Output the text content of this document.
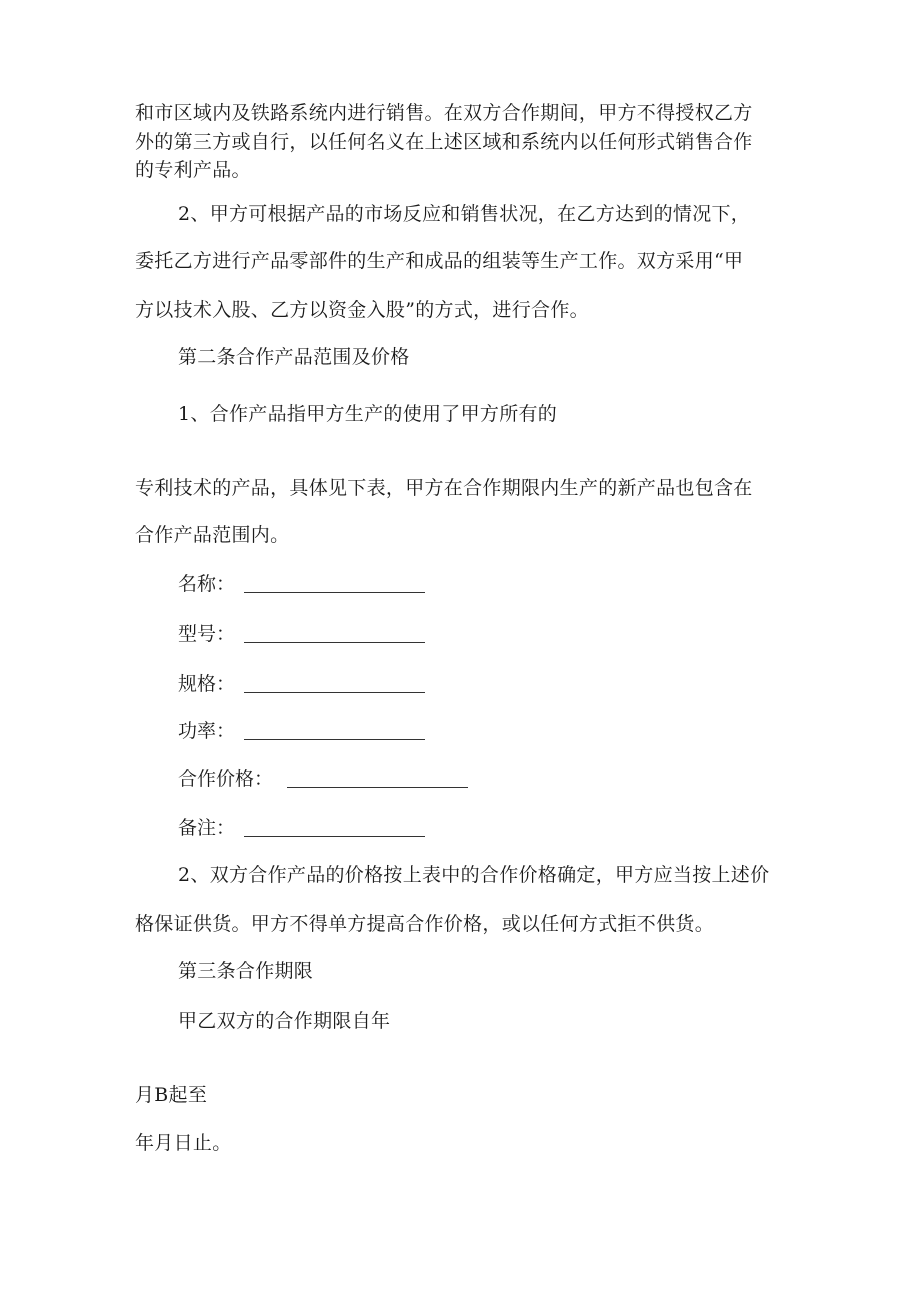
和市区域内及铁路系统内进行销售。在双方合作期间，甲方不得授权乙方
外的第三方或自行，以任何名义在上述区域和系统内以任何形式销售合作
的专利产品。
2、甲方可根据产品的市场反应和销售状况，在乙方达到的情况下，
委托乙方进行产品零部件的生产和成品的组装等生产工作。双方采用“甲
方以技术入股、乙方以资金入股”的方式，进行合作。
第二条合作产品范围及价格
1、合作产品指甲方生产的使用了甲方所有的
专利技术的产品，具体见下表，甲方在合作期限内生产的新产品也包含在
合作产品范围内。
名称：
型号：
规格：
功率：
合作价格：
备注：
2、双方合作产品的价格按上表中的合作价格确定，甲方应当按上述价
格保证供货。甲方不得单方提高合作价格，或以任何方式拒不供货。
第三条合作期限
甲乙双方的合作期限自年
月B起至
年月日止。
